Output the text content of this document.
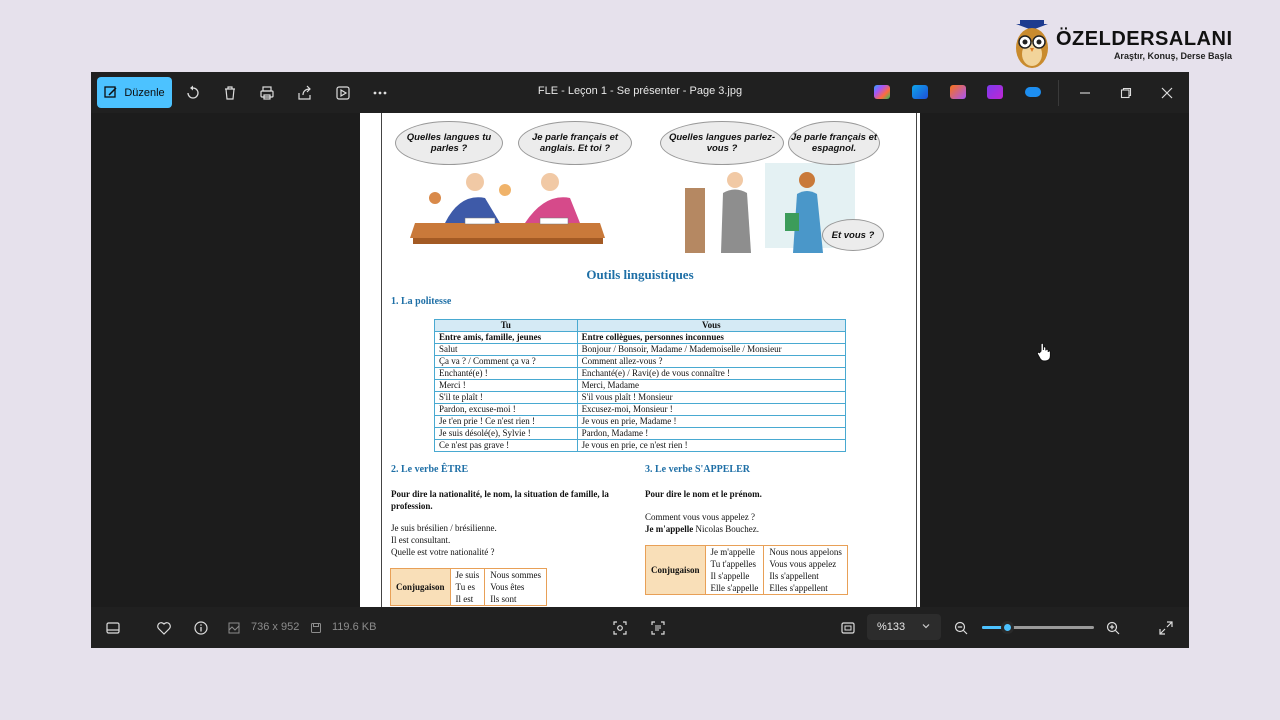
ÖZELDERSALANI
Araştır, Konuş, Derse Başla
Düzenle	FLE - Leçon 1 - Se présenter - Page 3.jpg
Quelles langues tu parles ?
Je parle français et anglais. Et toi ?
Quelles langues parlez-vous ?
Je parle français et espagnol.
Et vous ?
Outils linguistiques
1. La politesse
Tu	Vous
Entre amis, famille, jeunes	Entre collègues, personnes inconnues
Salut	Bonjour / Bonsoir, Madame / Mademoiselle / Monsieur
Ça va ? / Comment ça va ?	Comment allez-vous ?
Enchanté(e) !	Enchanté(e) / Ravi(e) de vous connaître !
Merci !	Merci, Madame
S'il te plaît !	S'il vous plaît ! Monsieur
Pardon, excuse-moi !	Excusez-moi, Monsieur !
Je t'en prie ! Ce n'est rien !	Je vous en prie, Madame !
Je suis désolé(e), Sylvie !	Pardon, Madame !
Ce n'est pas grave !	Je vous en prie, ce n'est rien !
2. Le verbe ÊTRE
Pour dire la nationalité, le nom, la situation de famille, la profession.
Je suis brésilien / brésilienne.
Il est consultant.
Quelle est votre nationalité ?
Conjugaison	Je suis	Nous sommes
	Tu es	Vous êtes
	Il est	Ils sont
3. Le verbe S'APPELER
Pour dire le nom et le prénom.
Comment vous vous appelez ?
Je m'appelle Nicolas Bouchez.
Conjugaison	Je m'appelle	Nous nous appelons
	Tu t'appelles	Vous vous appelez
	Il s'appelle	Ils s'appellent
	Elle s'appelle	Elles s'appellent
736 x 952	119.6 KB	%133
